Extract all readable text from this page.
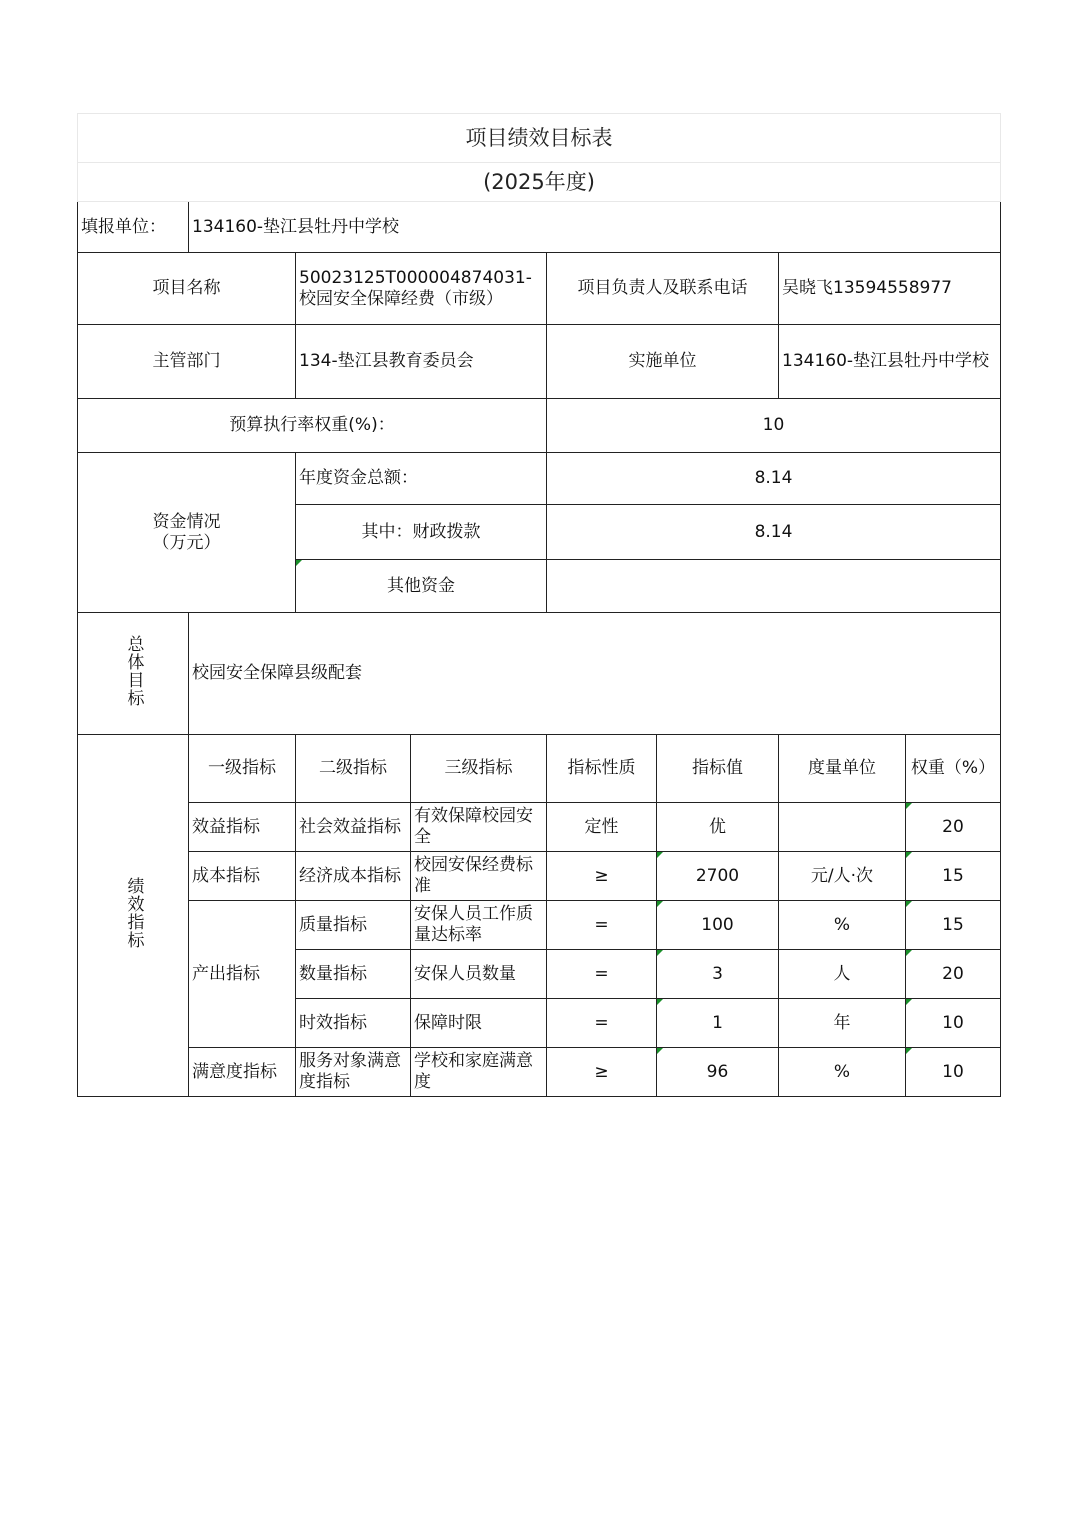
项目绩效目标表							
(2025年度)							
填报单位：	134160-垫江县牡丹中学校						
项目名称		50023125T000004874031-校园安全保障经费（市级）		项目负责人及联系电话		吴晓飞13594558977	
主管部门		134-垫江县教育委员会		实施单位		134160-垫江县牡丹中学校	
预算执行率权重(%)：				10			
资金情况（万元）		年度资金总额：		8.14			
		其中：财政拨款		8.14			
		其他资金					
总体目标	校园安全保障县级配套						
绩效指标	一级指标	二级指标	三级指标	指标性质	指标值	度量单位	权重（%）
	效益指标	社会效益指标	有效保障校园安全	定性	优		20
	成本指标	经济成本指标	校园安保经费标准	≥	2700	元/人·次	15
	产出指标	质量指标	安保人员工作质量达标率	=	100	%	15
		数量指标	安保人员数量	=	3	人	20
		时效指标	保障时限	=	1	年	10
	满意度指标	服务对象满意度指标	学校和家庭满意度	≥	96	%	10
